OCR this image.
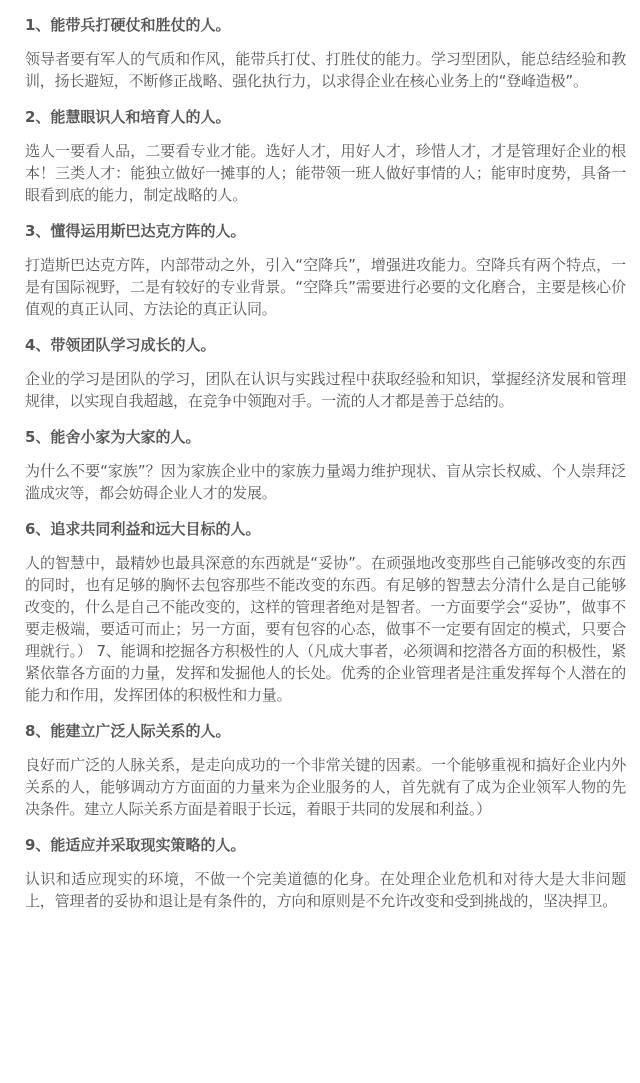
1、能带兵打硬仗和胜仗的人。
领导者要有军人的气质和作风，能带兵打仗、打胜仗的能力。学习型团队，能总结经验和教训，扬长避短，不断修正战略、强化执行力，以求得企业在核心业务上的“登峰造极”。
2、能慧眼识人和培育人的人。
选人一要看人品，二要看专业才能。选好人才，用好人才，珍惜人才，才是管理好企业的根本！三类人才：能独立做好一摊事的人；能带领一班人做好事情的人；能审时度势，具备一眼看到底的能力，制定战略的人。
3、懂得运用斯巴达克方阵的人。
打造斯巴达克方阵，内部带动之外，引入“空降兵”，增强进攻能力。空降兵有两个特点，一是有国际视野，二是有较好的专业背景。“空降兵”需要进行必要的文化磨合，主要是核心价值观的真正认同、方法论的真正认同。
4、带领团队学习成长的人。
企业的学习是团队的学习，团队在认识与实践过程中获取经验和知识，掌握经济发展和管理规律，以实现自我超越，在竞争中领跑对手。一流的人才都是善于总结的。
5、能舍小家为大家的人。
为什么不要“家族”？因为家族企业中的家族力量竭力维护现状、盲从宗长权威、个人崇拜泛滥成灾等，都会妨碍企业人才的发展。
6、追求共同利益和远大目标的人。
人的智慧中，最精妙也最具深意的东西就是“妥协”。在顽强地改变那些自己能够改变的东西的同时，也有足够的胸怀去包容那些不能改变的东西。有足够的智慧去分清什么是自己能够改变的，什么是自己不能改变的，这样的管理者绝对是智者。一方面要学会“妥协”，做事不要走极端，要适可而止；另一方面，要有包容的心态，做事不一定要有固定的模式，只要合理就行。） 7、能调和挖掘各方积极性的人（凡成大事者，必须调和挖潜各方面的积极性，紧紧依靠各方面的力量，发挥和发掘他人的长处。优秀的企业管理者是注重发挥每个人潜在的能力和作用，发挥团体的积极性和力量。
8、能建立广泛人际关系的人。
良好而广泛的人脉关系，是走向成功的一个非常关键的因素。一个能够重视和搞好企业内外关系的人，能够调动方方面面的力量来为企业服务的人，首先就有了成为企业领军人物的先决条件。建立人际关系方面是着眼于长远，着眼于共同的发展和利益。）
9、能适应并采取现实策略的人。
认识和适应现实的环境，不做一个完美道德的化身。在处理企业危机和对待大是大非问题上，管理者的妥协和退让是有条件的，方向和原则是不允许改变和受到挑战的，坚决捍卫。
